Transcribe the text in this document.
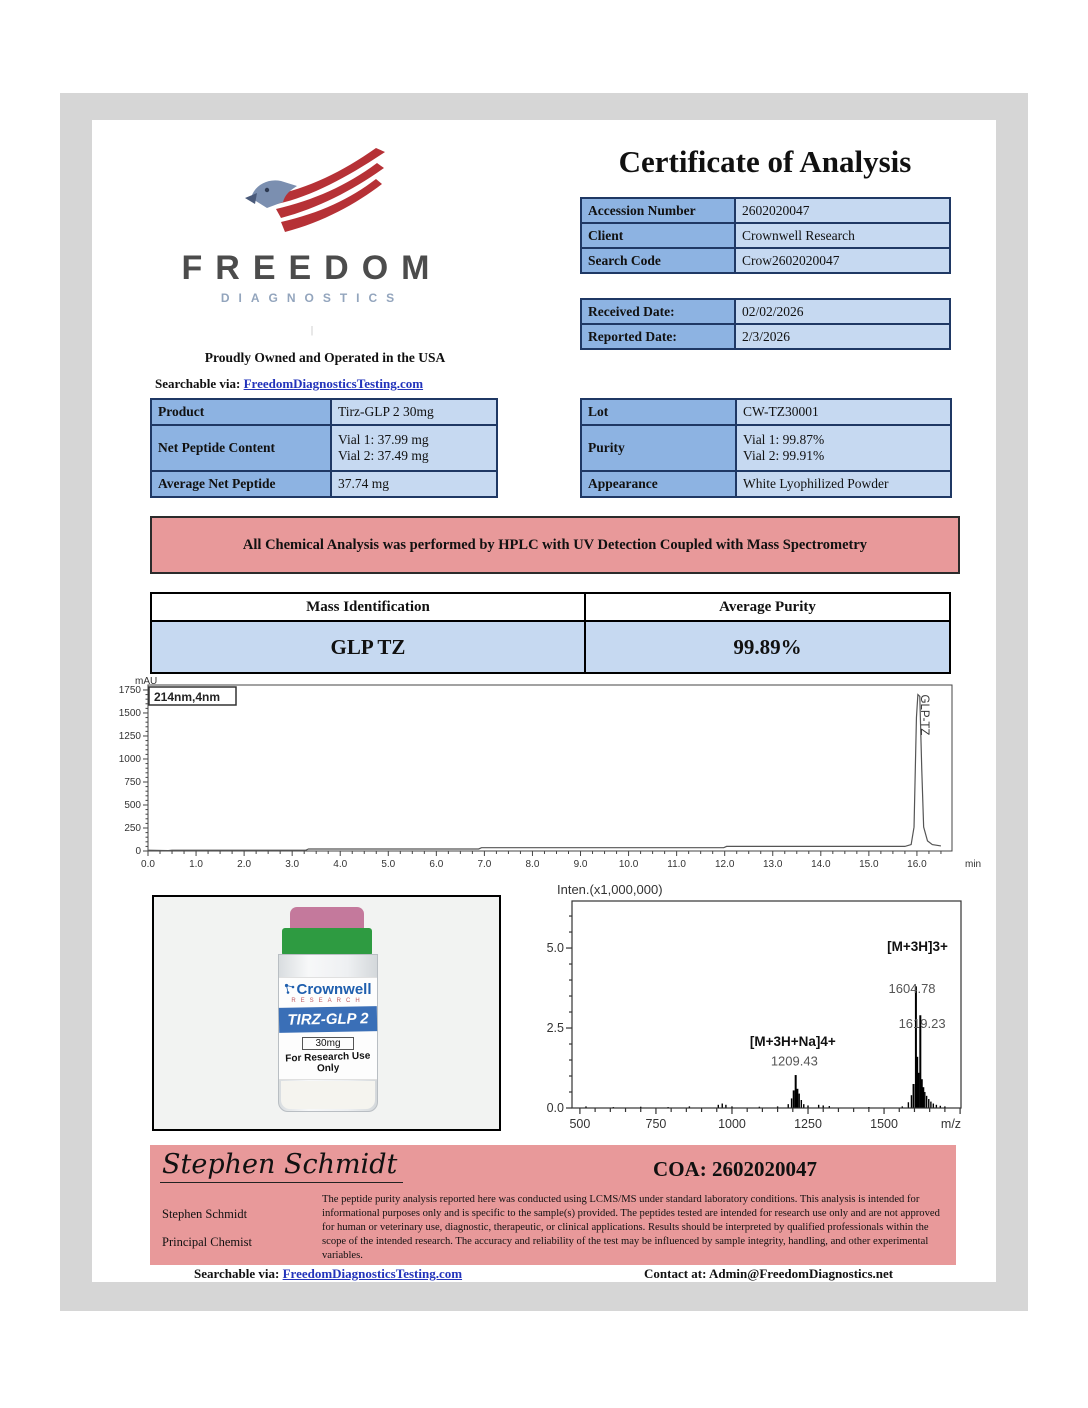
FREEDOM
DIAGNOSTICS
|
Proudly Owned and Operated in the USA
Searchable via: FreedomDiagnosticsTesting.com
Certificate of Analysis
Accession Number	2602020047
Client	Crownwell Research
Search Code	Crow2602020047
Received Date:	02/02/2026
Reported Date:	2/3/2026
Product	Tirz-GLP 2 30mg
Net Peptide Content	Vial 1: 37.99 mg
Vial 2: 37.49 mg

Average Net Peptide	37.74 mg
Lot	CW-TZ30001
Purity	Vial 1: 99.87%
Vial 2: 99.91%

Appearance	White Lyophilized Powder
All Chemical Analysis was performed by HPLC with UV Detection Coupled with Mass Spectrometry
Mass Identification	Average Purity
GLP TZ	99.89%
mAU
0.0	1.0	2.0	3.0	4.0	5.0	6.0	7.0	8.0	9.0	10.0	11.0	12.0	13.0	14.0	15.0	16.0	min
0
250
500
750
1000
1250
1500
1750 214nm,4nm	GLP-TZ
Crownwell
RESEARCH
TIRZ-GLP 2
30mg
For Research Use Only
Inten.(x1,000,000)
500	750	1000	1250	1500	m/z
0.0
2.5
5.0	[M+3H]3+
1604.78
1619.23
[M+3H+Na]4+
1209.43
Stephen Schmidt	COA: 2602020047
Stephen Schmidt
Principal Chemist
The peptide purity analysis reported here was conducted using LCMS/MS under standard laboratory conditions. This analysis is intended for informational purposes only and is specific to the sample(s) provided. The peptides tested are intended for research use only and are not approved for human or veterinary use, diagnostic, therapeutic, or clinical applications. Results should be interpreted by qualified professionals within the scope of the intended research. The accuracy and reliability of the test may be influenced by sample integrity, handling, and other experimental variables.
Searchable via: FreedomDiagnosticsTesting.com	Contact at: Admin@FreedomDiagnostics.net
